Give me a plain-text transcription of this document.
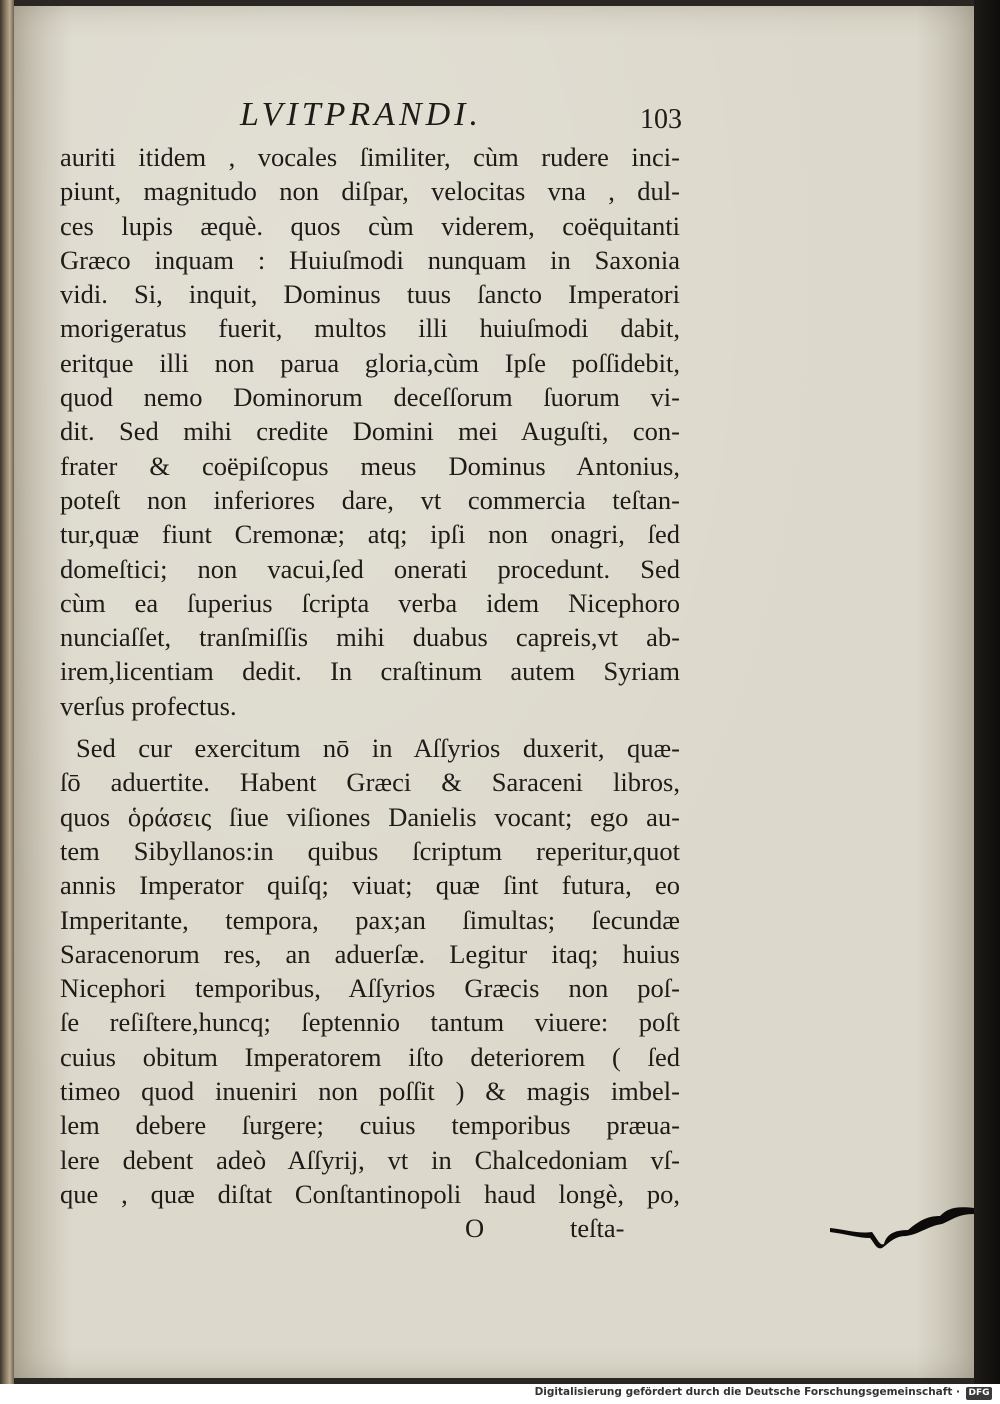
LVITPRANDI.	103
auriti itidem , vocales ſimiliter, cùm rudere inci-
piunt, magnitudo non diſpar, velocitas vna , dul-
ces lupis æquè. quos cùm viderem, coëquitanti
Græco inquam : Huiuſmodi nunquam in Saxonia
vidi. Si, inquit, Dominus tuus ſancto Imperatori
morigeratus fuerit, multos illi huiuſmodi dabit,
eritque illi non parua gloria,cùm Ipſe poſſidebit,
quod nemo Dominorum deceſſorum ſuorum vi-
dit. Sed mihi credite Domini mei Auguſti, con-
frater & coëpiſcopus meus Dominus Antonius,
poteſt non inferiores dare, vt commercia teſtan-
tur,quæ fiunt Cremonæ; atq; ipſi non onagri, ſed
domeſtici; non vacui,ſed onerati procedunt. Sed
cùm ea ſuperius ſcripta verba idem Nicephoro
nunciaſſet, tranſmiſſis mihi duabus capreis,vt ab-
irem,licentiam dedit. In craſtinum autem Syriam
verſus profectus.
Sed cur exercitum nō in Aſſyrios duxerit, quæ-
ſō aduertite. Habent Græci & Saraceni libros,
quos ὁράσεις ſiue viſiones Danielis vocant; ego au-
tem Sibyllanos:in quibus ſcriptum reperitur,quot
annis Imperator quiſq; viuat; quæ ſint futura, eo
Imperitante, tempora, pax;an ſimultas; ſecundæ
Saracenorum res, an aduerſæ. Legitur itaq; huius
Nicephori temporibus, Aſſyrios Græcis non poſ-
ſe reſiſtere,huncq; ſeptennio tantum viuere: poſt
cuius obitum Imperatorem iſto deteriorem ( ſed
timeo quod inueniri non poſſit ) & magis imbel-
lem debere ſurgere; cuius temporibus præua-
lere debent adeò Aſſyrij, vt in Chalcedoniam vſ-
que , quæ diſtat Conſtantinopoli haud longè, po,
O	teſta-
Digitalisierung gefördert durch die Deutsche Forschungsgemeinschaft · DFG
